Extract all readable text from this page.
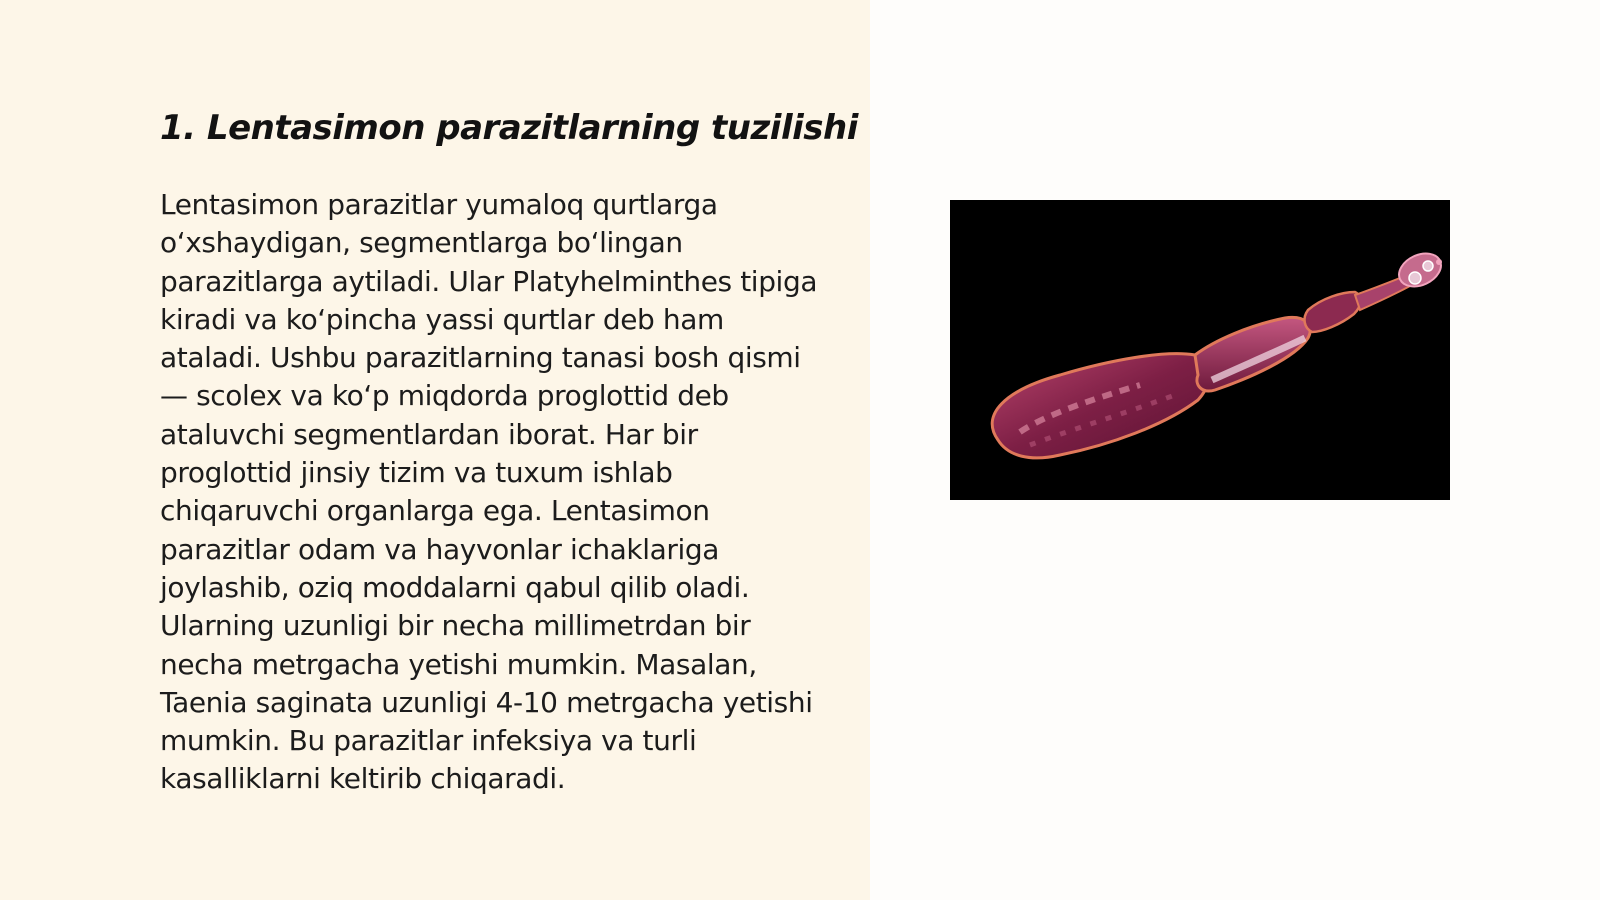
1. Lentasimon parazitlarning tuzilishi

Lentasimon parazitlar yumaloq qurtlarga o‘xshaydigan, segmentlarga bo‘lingan parazitlarga aytiladi. Ular Platyhelminthes tipiga kiradi va ko‘pincha yassi qurtlar deb ham ataladi. Ushbu parazitlarning tanasi bosh qismi — scolex va ko‘p miqdorda proglottid deb ataluvchi segmentlardan iborat. Har bir proglottid jinsiy tizim va tuxum ishlab chiqaruvchi organlarga ega. Lentasimon parazitlar odam va hayvonlar ichaklariga joylashib, oziq moddalarni qabul qilib oladi. Ularning uzunligi bir necha millimetrdan bir necha metrgacha yetishi mumkin. Masalan, Taenia saginata uzunligi 4-10 metrgacha yetishi mumkin. Bu parazitlar infeksiya va turli kasalliklarni keltirib chiqaradi.
